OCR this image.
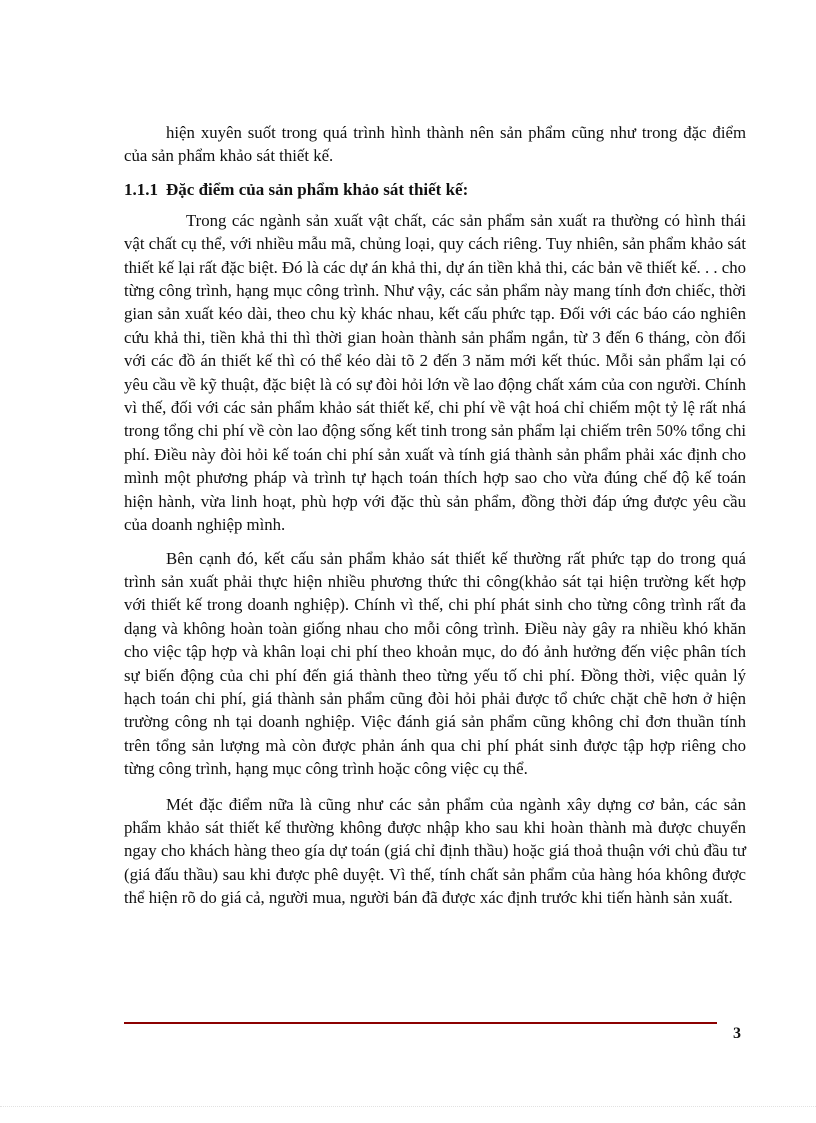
hiện xuyên suốt trong quá trình hình thành nên sản phẩm cũng như trong đặc điểm của sản phẩm khảo sát thiết kế.

1.1.1 Đặc điểm của sản phẩm khảo sát thiết kế:

Trong các ngành sản xuất vật chất, các sản phẩm sản xuất ra thường có hình thái vật chất cụ thể, với nhiều mẫu mã, chủng loại, quy cách riêng. Tuy nhiên, sản phẩm khảo sát thiết kế lại rất đặc biệt. Đó là các dự án khả thi, dự án tiền khả thi, các bản vẽ thiết kế. . . cho từng công trình, hạng mục công trình. Như vậy, các sản phẩm này mang tính đơn chiếc, thời gian sản xuất kéo dài, theo chu kỳ khác nhau, kết cấu phức tạp. Đối với các báo cáo nghiên cứu khả thi, tiền khả thi thì thời gian hoàn thành sản phẩm ngắn, từ 3 đến 6 tháng, còn đối với các đồ án thiết kế thì có thể kéo dài tõ 2 đến 3 năm mới kết thúc. Mỗi sản phẩm lại có yêu cầu về kỹ thuật, đặc biệt là có sự đòi hỏi lớn về lao động chất xám của con người. Chính vì thế, đối với các sản phẩm khảo sát thiết kế, chi phí về vật hoá chỉ chiếm một tỷ lệ rất nhá trong tổng chi phí về còn lao động sống kết tinh trong sản phẩm lại chiếm trên 50% tổng chi phí. Điều này đòi hỏi kế toán chi phí sản xuất và tính giá thành sản phẩm phải xác định cho mình một phương pháp và trình tự hạch toán thích hợp sao cho vừa đúng chế độ kế toán hiện hành, vừa linh hoạt, phù hợp với đặc thù sản phẩm, đồng thời đáp ứng được yêu cầu của doanh nghiệp mình.

Bên cạnh đó, kết cấu sản phẩm khảo sát thiết kế thường rất phức tạp do trong quá trình sản xuất phải thực hiện nhiều phương thức thi công(khảo sát tại hiện trường kết hợp với thiết kế trong doanh nghiệp). Chính vì thế, chi phí phát sinh cho từng công trình rất đa dạng và không hoàn toàn giống nhau cho mỗi công trình. Điều này gây ra nhiều khó khăn cho việc tập hợp và khân loại chi phí theo khoản mục, do đó ảnh hưởng đến việc phân tích sự biến động của chi phí đến giá thành theo từng yếu tố chi phí. Đồng thời, việc quản lý hạch toán chi phí, giá thành sản phẩm cũng đòi hỏi phải được tổ chức chặt chẽ hơn ở hiện trường công nh tại doanh nghiệp. Việc đánh giá sản phẩm cũng không chỉ đơn thuần tính trên tổng sản lượng mà còn được phản ánh qua chi phí phát sinh được tập hợp riêng cho từng công trình, hạng mục công trình hoặc công việc cụ thể.

Mét đặc điểm nữa là cũng như các sản phẩm của ngành xây dựng cơ bản, các sản phẩm khảo sát thiết kế thường không được nhập kho sau khi hoàn thành mà được chuyển ngay cho khách hàng theo gía dự toán (giá chỉ định thầu) hoặc giá thoả thuận với chủ đầu tư (giá đấu thầu) sau khi được phê duyệt. Vì thế, tính chất sản phẩm của hàng hóa không được thể hiện rõ do giá cả, người mua, người bán đã được xác định trước khi tiến hành sản xuất.

3
